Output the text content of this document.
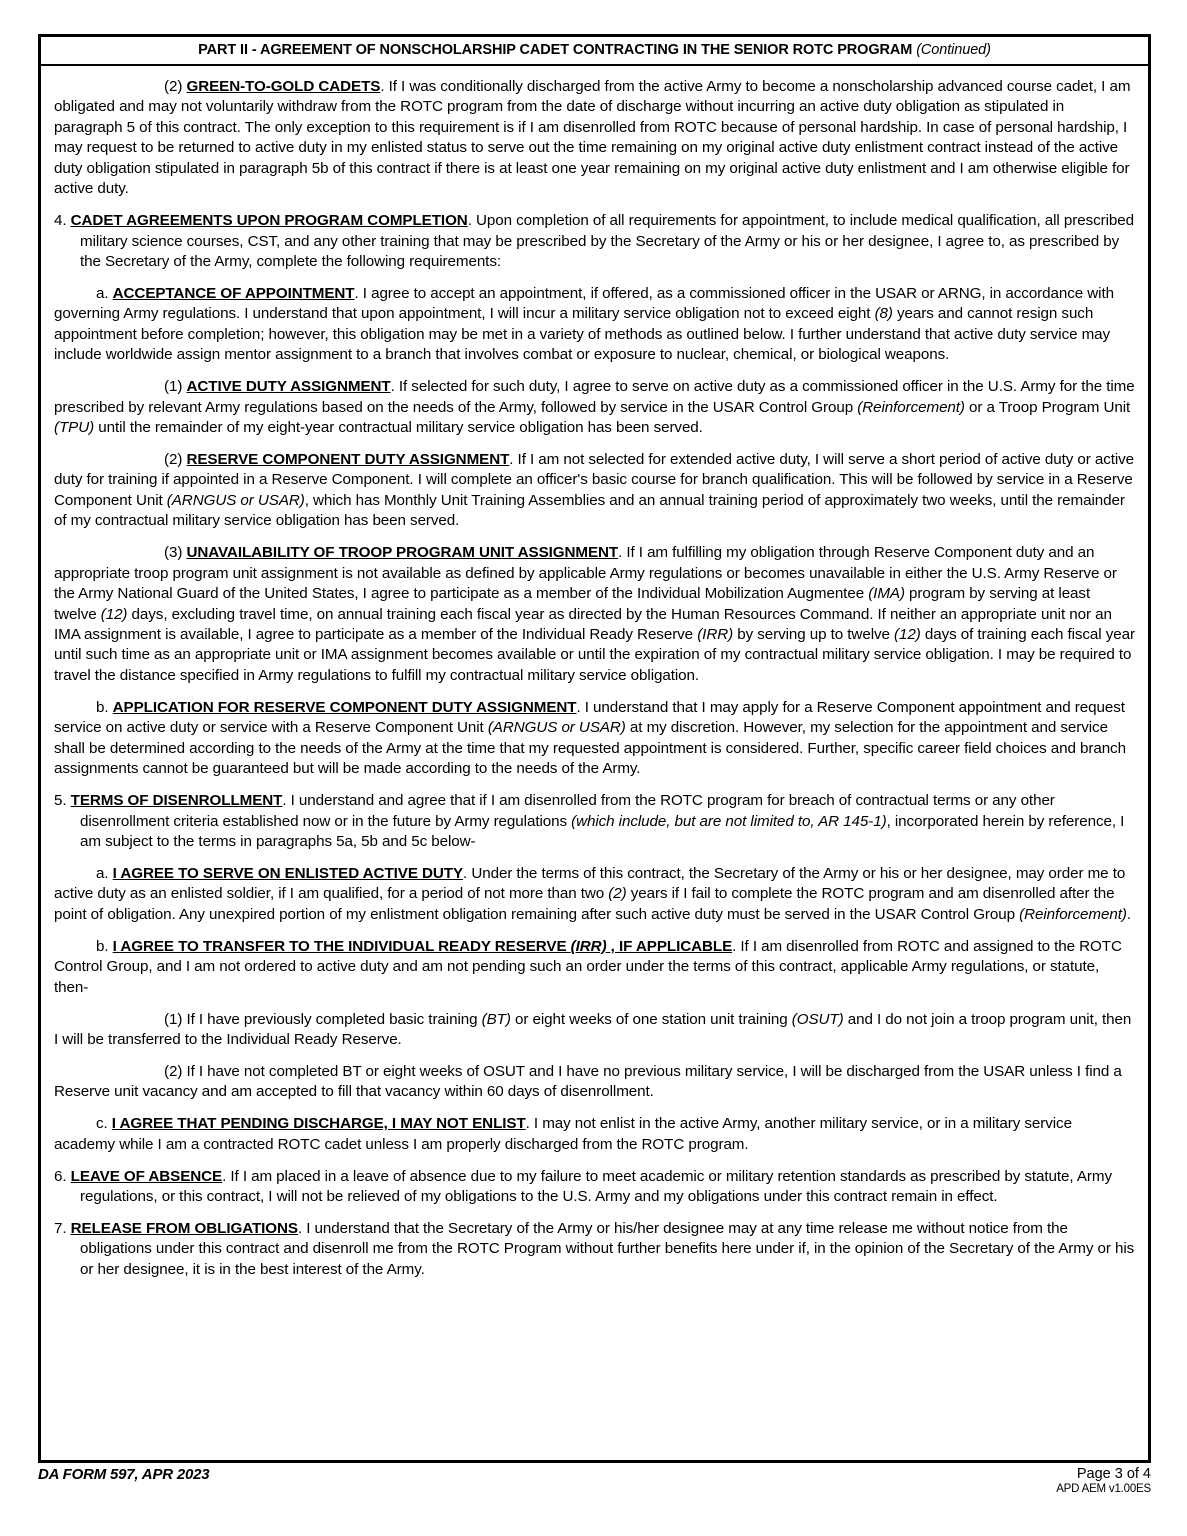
PART II - AGREEMENT OF NONSCHOLARSHIP CADET CONTRACTING IN THE SENIOR ROTC PROGRAM (Continued)

(2) GREEN-TO-GOLD CADETS. If I was conditionally discharged from the active Army to become a nonscholarship advanced course cadet, I am obligated and may not voluntarily withdraw from the ROTC program from the date of discharge without incurring an active duty obligation as stipulated in paragraph 5 of this contract. The only exception to this requirement is if I am disenrolled from ROTC because of personal hardship. In case of personal hardship, I may request to be returned to active duty in my enlisted status to serve out the time remaining on my original active duty enlistment contract instead of the active duty obligation stipulated in paragraph 5b of this contract if there is at least one year remaining on my original active duty enlistment and I am otherwise eligible for active duty.

4. CADET AGREEMENTS UPON PROGRAM COMPLETION. Upon completion of all requirements for appointment, to include medical qualification, all prescribed military science courses, CST, and any other training that may be prescribed by the Secretary of the Army or his or her designee, I agree to, as prescribed by the Secretary of the Army, complete the following requirements:

a. ACCEPTANCE OF APPOINTMENT. I agree to accept an appointment, if offered, as a commissioned officer in the USAR or ARNG, in accordance with governing Army regulations. I understand that upon appointment, I will incur a military service obligation not to exceed eight (8) years and cannot resign such appointment before completion; however, this obligation may be met in a variety of methods as outlined below. I further understand that active duty service may include worldwide assign mentor assignment to a branch that involves combat or exposure to nuclear, chemical, or biological weapons.

(1) ACTIVE DUTY ASSIGNMENT. If selected for such duty, I agree to serve on active duty as a commissioned officer in the U.S. Army for the time prescribed by relevant Army regulations based on the needs of the Army, followed by service in the USAR Control Group (Reinforcement) or a Troop Program Unit (TPU) until the remainder of my eight-year contractual military service obligation has been served.

(2) RESERVE COMPONENT DUTY ASSIGNMENT. If I am not selected for extended active duty, I will serve a short period of active duty or active duty for training if appointed in a Reserve Component. I will complete an officer's basic course for branch qualification. This will be followed by service in a Reserve Component Unit (ARNGUS or USAR), which has Monthly Unit Training Assemblies and an annual training period of approximately two weeks, until the remainder of my contractual military service obligation has been served.

(3) UNAVAILABILITY OF TROOP PROGRAM UNIT ASSIGNMENT. If I am fulfilling my obligation through Reserve Component duty and an appropriate troop program unit assignment is not available as defined by applicable Army regulations or becomes unavailable in either the U.S. Army Reserve or the Army National Guard of the United States, I agree to participate as a member of the Individual Mobilization Augmentee (IMA) program by serving at least twelve (12) days, excluding travel time, on annual training each fiscal year as directed by the Human Resources Command. If neither an appropriate unit nor an IMA assignment is available, I agree to participate as a member of the Individual Ready Reserve (IRR) by serving up to twelve (12) days of training each fiscal year until such time as an appropriate unit or IMA assignment becomes available or until the expiration of my contractual military service obligation. I may be required to travel the distance specified in Army regulations to fulfill my contractual military service obligation.

b. APPLICATION FOR RESERVE COMPONENT DUTY ASSIGNMENT. I understand that I may apply for a Reserve Component appointment and request service on active duty or service with a Reserve Component Unit (ARNGUS or USAR) at my discretion. However, my selection for the appointment and service shall be determined according to the needs of the Army at the time that my requested appointment is considered. Further, specific career field choices and branch assignments cannot be guaranteed but will be made according to the needs of the Army.

5. TERMS OF DISENROLLMENT. I understand and agree that if I am disenrolled from the ROTC program for breach of contractual terms or any other disenrollment criteria established now or in the future by Army regulations (which include, but are not limited to, AR 145-1), incorporated herein by reference, I am subject to the terms in paragraphs 5a, 5b and 5c below-

a. I AGREE TO SERVE ON ENLISTED ACTIVE DUTY. Under the terms of this contract, the Secretary of the Army or his or her designee, may order me to active duty as an enlisted soldier, if I am qualified, for a period of not more than two (2) years if I fail to complete the ROTC program and am disenrolled after the point of obligation. Any unexpired portion of my enlistment obligation remaining after such active duty must be served in the USAR Control Group (Reinforcement).

b. I AGREE TO TRANSFER TO THE INDIVIDUAL READY RESERVE (IRR) , IF APPLICABLE. If I am disenrolled from ROTC and assigned to the ROTC Control Group, and I am not ordered to active duty and am not pending such an order under the terms of this contract, applicable Army regulations, or statute, then-

(1) If I have previously completed basic training (BT) or eight weeks of one station unit training (OSUT) and I do not join a troop program unit, then I will be transferred to the Individual Ready Reserve.

(2) If I have not completed BT or eight weeks of OSUT and I have no previous military service, I will be discharged from the USAR unless I find a Reserve unit vacancy and am accepted to fill that vacancy within 60 days of disenrollment.

c. I AGREE THAT PENDING DISCHARGE, I MAY NOT ENLIST. I may not enlist in the active Army, another military service, or in a military service academy while I am a contracted ROTC cadet unless I am properly discharged from the ROTC program.

6. LEAVE OF ABSENCE. If I am placed in a leave of absence due to my failure to meet academic or military retention standards as prescribed by statute, Army regulations, or this contract, I will not be relieved of my obligations to the U.S. Army and my obligations under this contract remain in effect.

7. RELEASE FROM OBLIGATIONS. I understand that the Secretary of the Army or his/her designee may at any time release me without notice from the obligations under this contract and disenroll me from the ROTC Program without further benefits here under if, in the opinion of the Secretary of the Army or his or her designee, it is in the best interest of the Army.

DA FORM 597, APR 2023	Page 3 of 4
APD AEM v1.00ES
